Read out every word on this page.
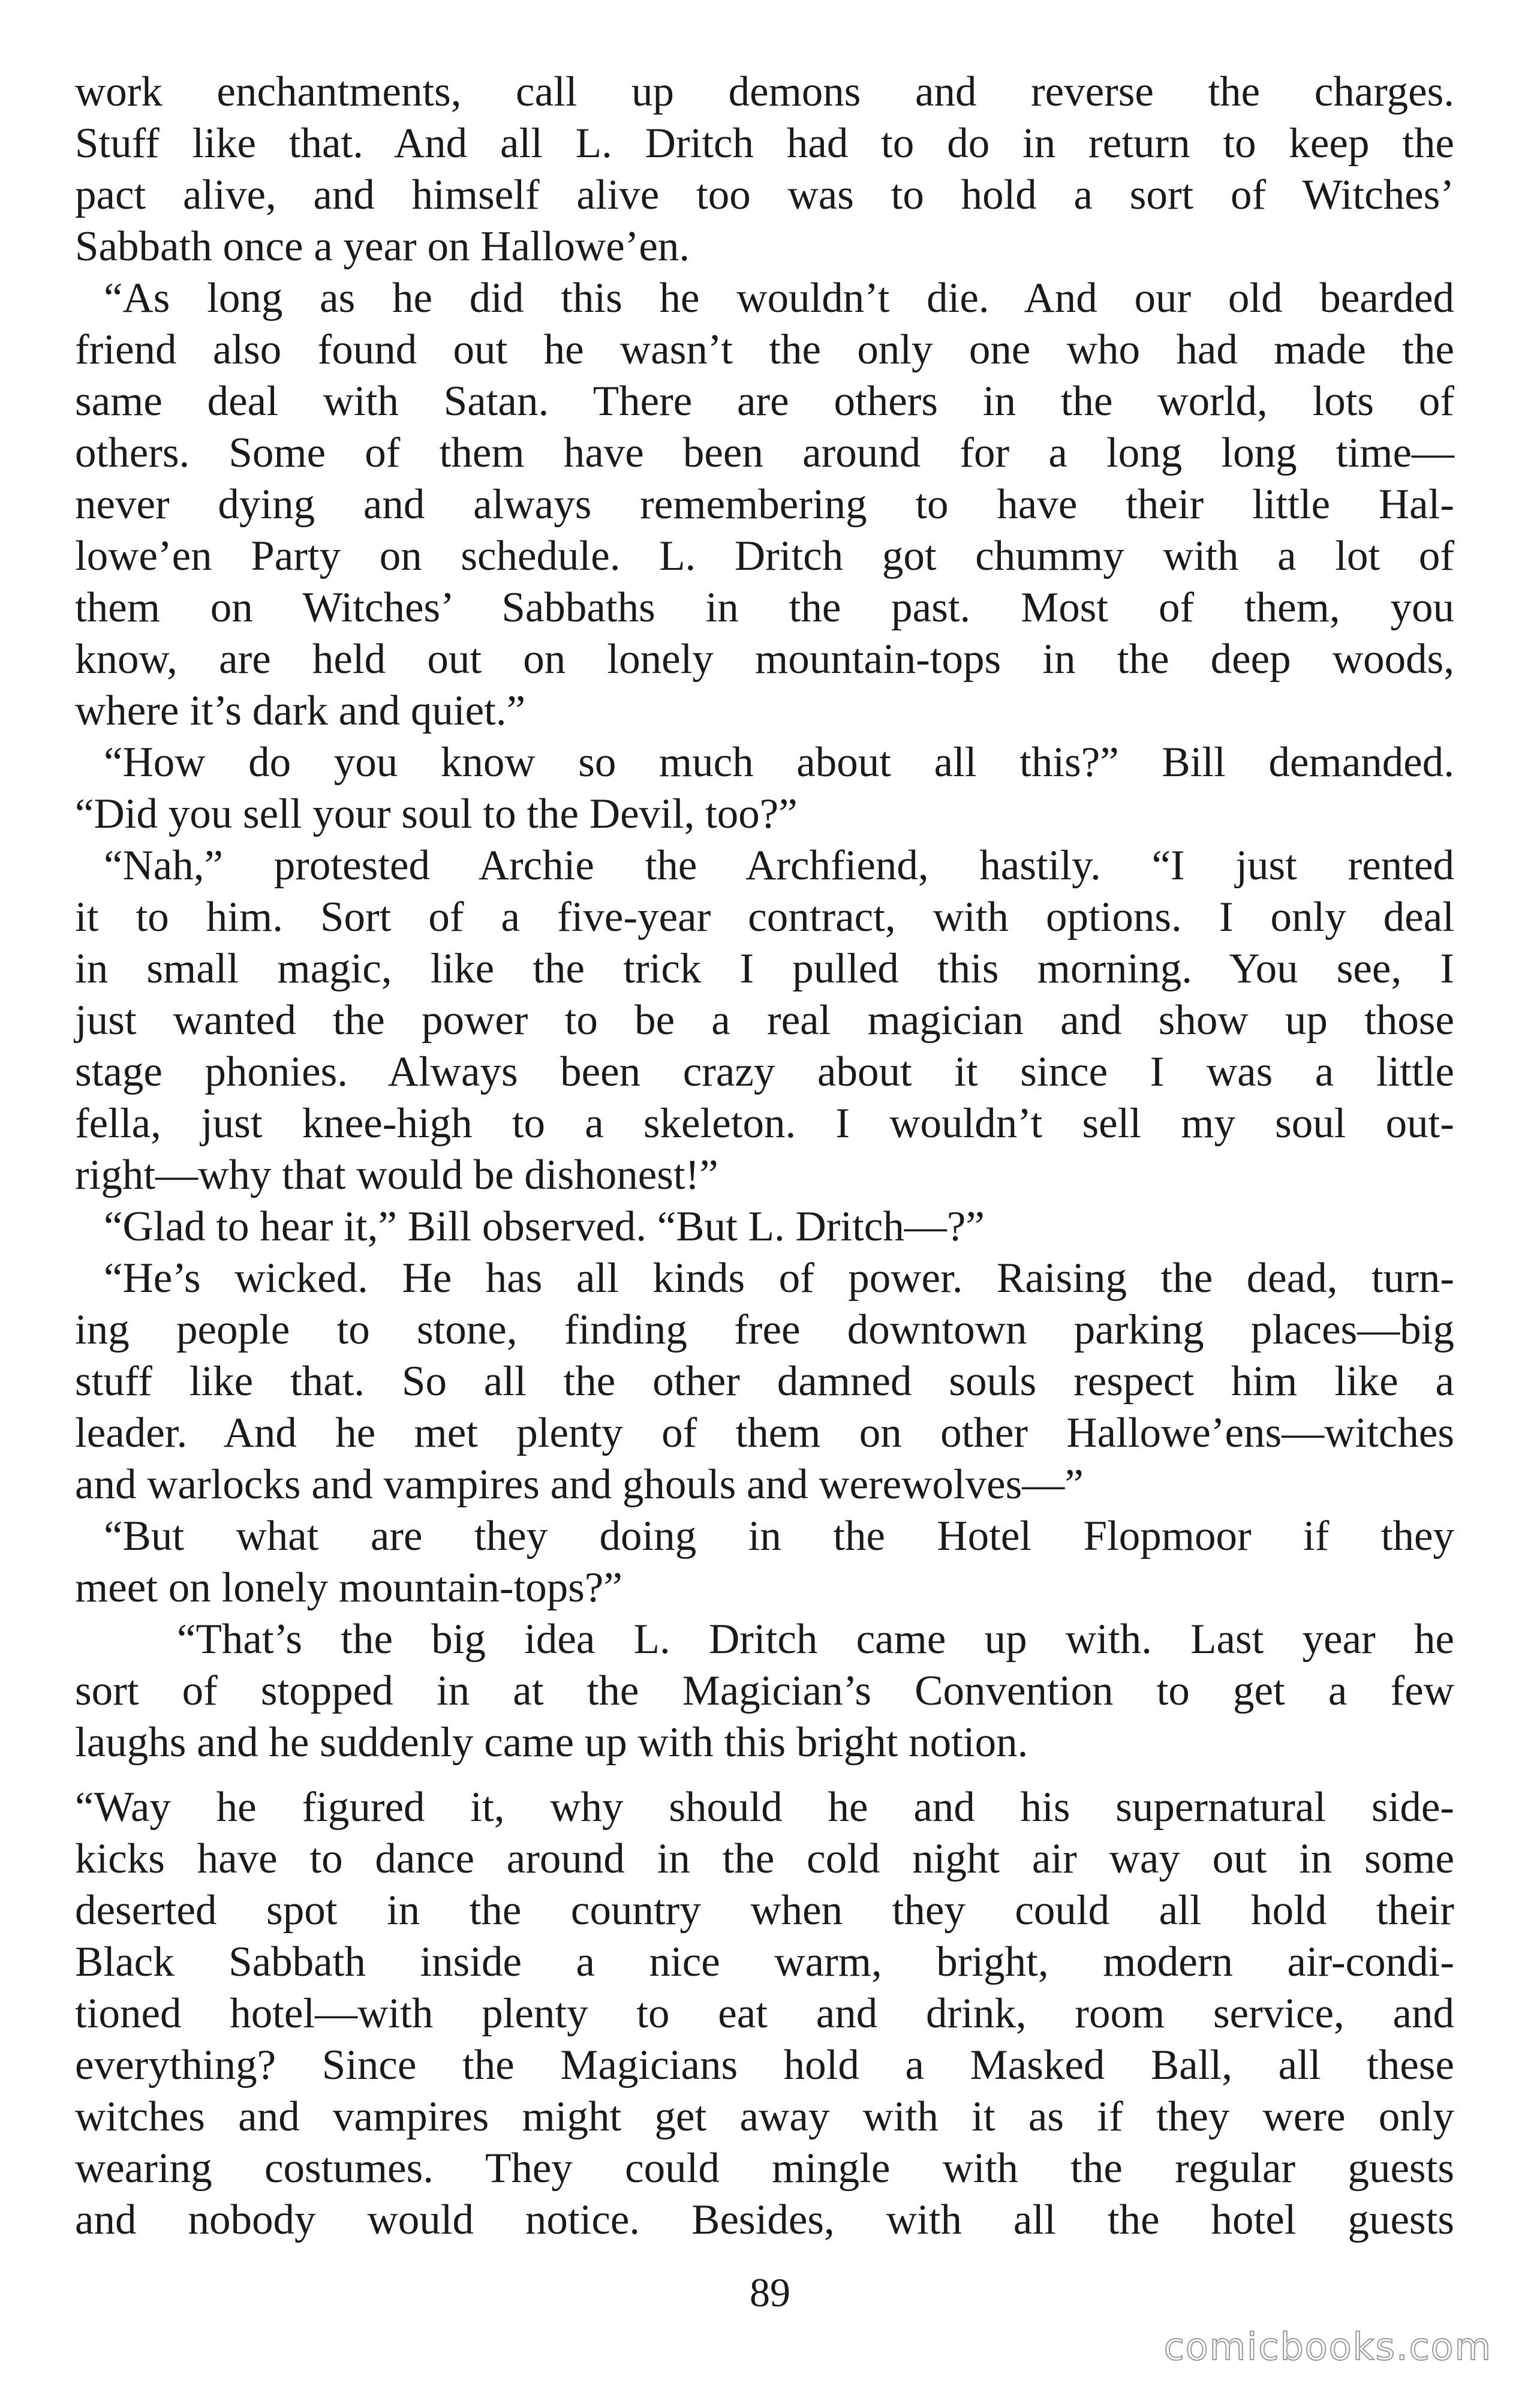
work enchantments, call up demons and reverse the charges.
Stuff like that. And all L. Dritch had to do in return to keep the
pact alive, and himself alive too was to hold a sort of Witches’
Sabbath once a year on Hallowe’en.
“As long as he did this he wouldn’t die. And our old bearded
friend also found out he wasn’t the only one who had made the
same deal with Satan. There are others in the world, lots of
others. Some of them have been around for a long long time—
never dying and always remembering to have their little Hal-
lowe’en Party on schedule. L. Dritch got chummy with a lot of
them on Witches’ Sabbaths in the past. Most of them, you
know, are held out on lonely mountain-tops in the deep woods,
where it’s dark and quiet.”
“How do you know so much about all this?” Bill demanded.
“Did you sell your soul to the Devil, too?”
“Nah,” protested Archie the Archfiend, hastily. “I just rented
it to him. Sort of a five-year contract, with options. I only deal
in small magic, like the trick I pulled this morning. You see, I
just wanted the power to be a real magician and show up those
stage phonies. Always been crazy about it since I was a little
fella, just knee-high to a skeleton. I wouldn’t sell my soul out-
right—why that would be dishonest!”
“Glad to hear it,” Bill observed. “But L. Dritch—?”
“He’s wicked. He has all kinds of power. Raising the dead, turn-
ing people to stone, finding free downtown parking places—big
stuff like that. So all the other damned souls respect him like a
leader. And he met plenty of them on other Hallowe’ens—witches
and warlocks and vampires and ghouls and werewolves—”
“But what are they doing in the Hotel Flopmoor if they
meet on lonely mountain-tops?”
“That’s the big idea L. Dritch came up with. Last year he
sort of stopped in at the Magician’s Convention to get a few
laughs and he suddenly came up with this bright notion.
“Way he figured it, why should he and his supernatural side-
kicks have to dance around in the cold night air way out in some
deserted spot in the country when they could all hold their
Black Sabbath inside a nice warm, bright, modern air-condi-
tioned hotel—with plenty to eat and drink, room service, and
everything? Since the Magicians hold a Masked Ball, all these
witches and vampires might get away with it as if they were only
wearing costumes. They could mingle with the regular guests
and nobody would notice. Besides, with all the hotel guests
89
comicbooks.com
